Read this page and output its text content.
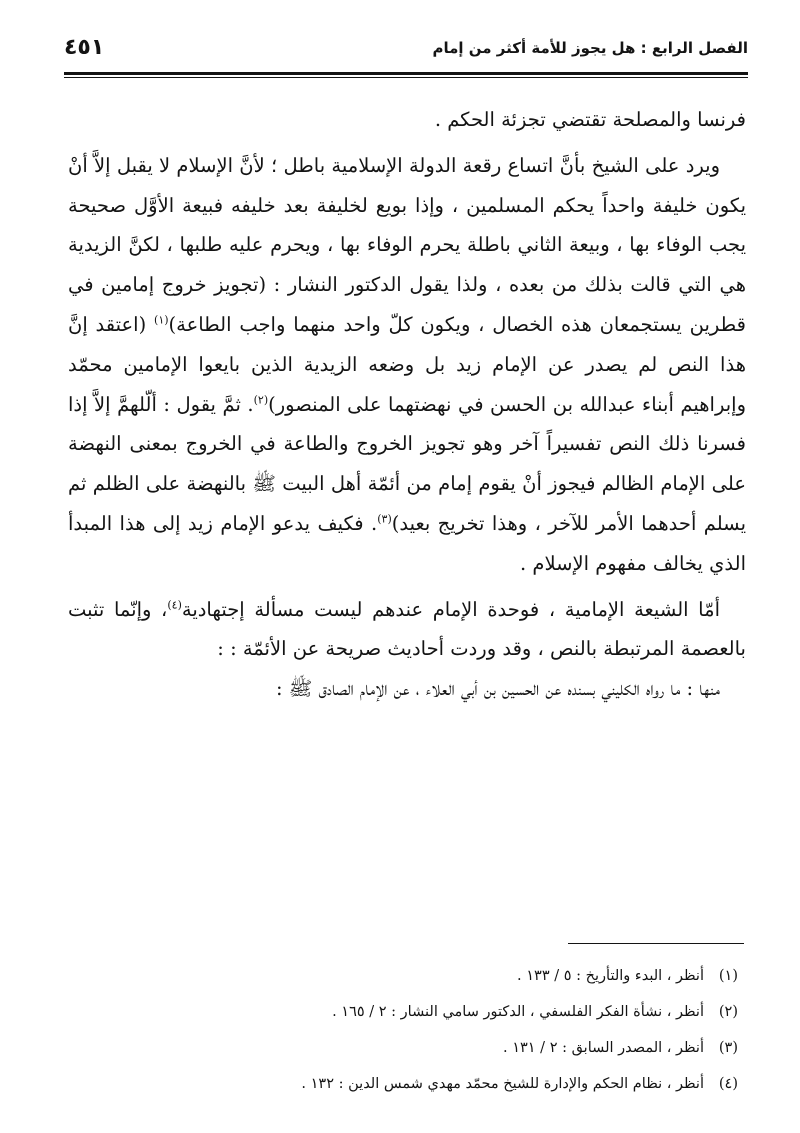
الفصل الرابع : هل يجوز للأمة أكثر من إمام
٤٥١

فرنسا والمصلحة تقتضي تجزئة الحكم .

ويرد على الشيخ بأنَّ اتساع رقعة الدولة الإسلامية باطل ؛ لأنَّ الإسلام لا يقبل إلاَّ أنْ يكون خليفة واحداً يحكم المسلمين ، وإذا بويع لخليفة بعد خليفه فبيعة الأوَّل صحيحة يجب الوفاء بها ، وبيعة الثاني باطلة يحرم الوفاء بها ، ويحرم عليه طلبها ، لكنَّ الزيدية هي التي قالت بذلك من بعده ، ولذا يقول الدكتور النشار : (تجويز خروج إمامين في قطرين يستجمعان هذه الخصال ، ويكون كلّ واحد منهما واجب الطاعة)$^{(١)}$ (اعتقد إنَّ هذا النص لم يصدر عن الإمام زيد بل وضعه الزيدية الذين بايعوا الإمامين محمّد وإبراهيم أبناء عبدالله بن الحسن في نهضتهما على المنصور)$^{(٢)}$. ثمَّ يقول : ألّلهمَّ إلاَّ إذا فسرنا ذلك النص تفسيراً آخر وهو تجويز الخروج والطاعة في الخروج بمعنى النهضة على الإمام الظالم فيجوز أنْ يقوم إمام من أئمّة أهل البيت ﷺ بالنهضة على الظلم ثم يسلم أحدهما الأمر للآخر ، وهذا تخريج بعيد)$^{(٣)}$. فكيف يدعو الإمام زيد إلى هذا المبدأ الذي يخالف مفهوم الإسلام .

أمّا الشيعة الإمامية ، فوحدة الإمام عندهم ليست مسألة إجتهادية$^{(٤)}$، وإنّما تثبت بالعصمة المرتبطة بالنص ، وقد وردت أحاديث صريحة عن الأئمّة : :

منها : ما رواه الكليني بسنده عن الحسين بن أبي العلاء ، عن الإمام الصادق ﷺ :

(١)أنظر ، البدء والتأريخ : ٥ / ١٣٣ .
(٢)أنظر ، نشأة الفكر الفلسفي ، الدكتور سامي النشار : ٢ / ١٦٥ .
(٣)أنظر ، المصدر السابق : ٢ / ١٣١ .
(٤)أنظر ، نظام الحكم والإدارة للشيخ محمّد مهدي شمس الدين : ١٣٢ .
